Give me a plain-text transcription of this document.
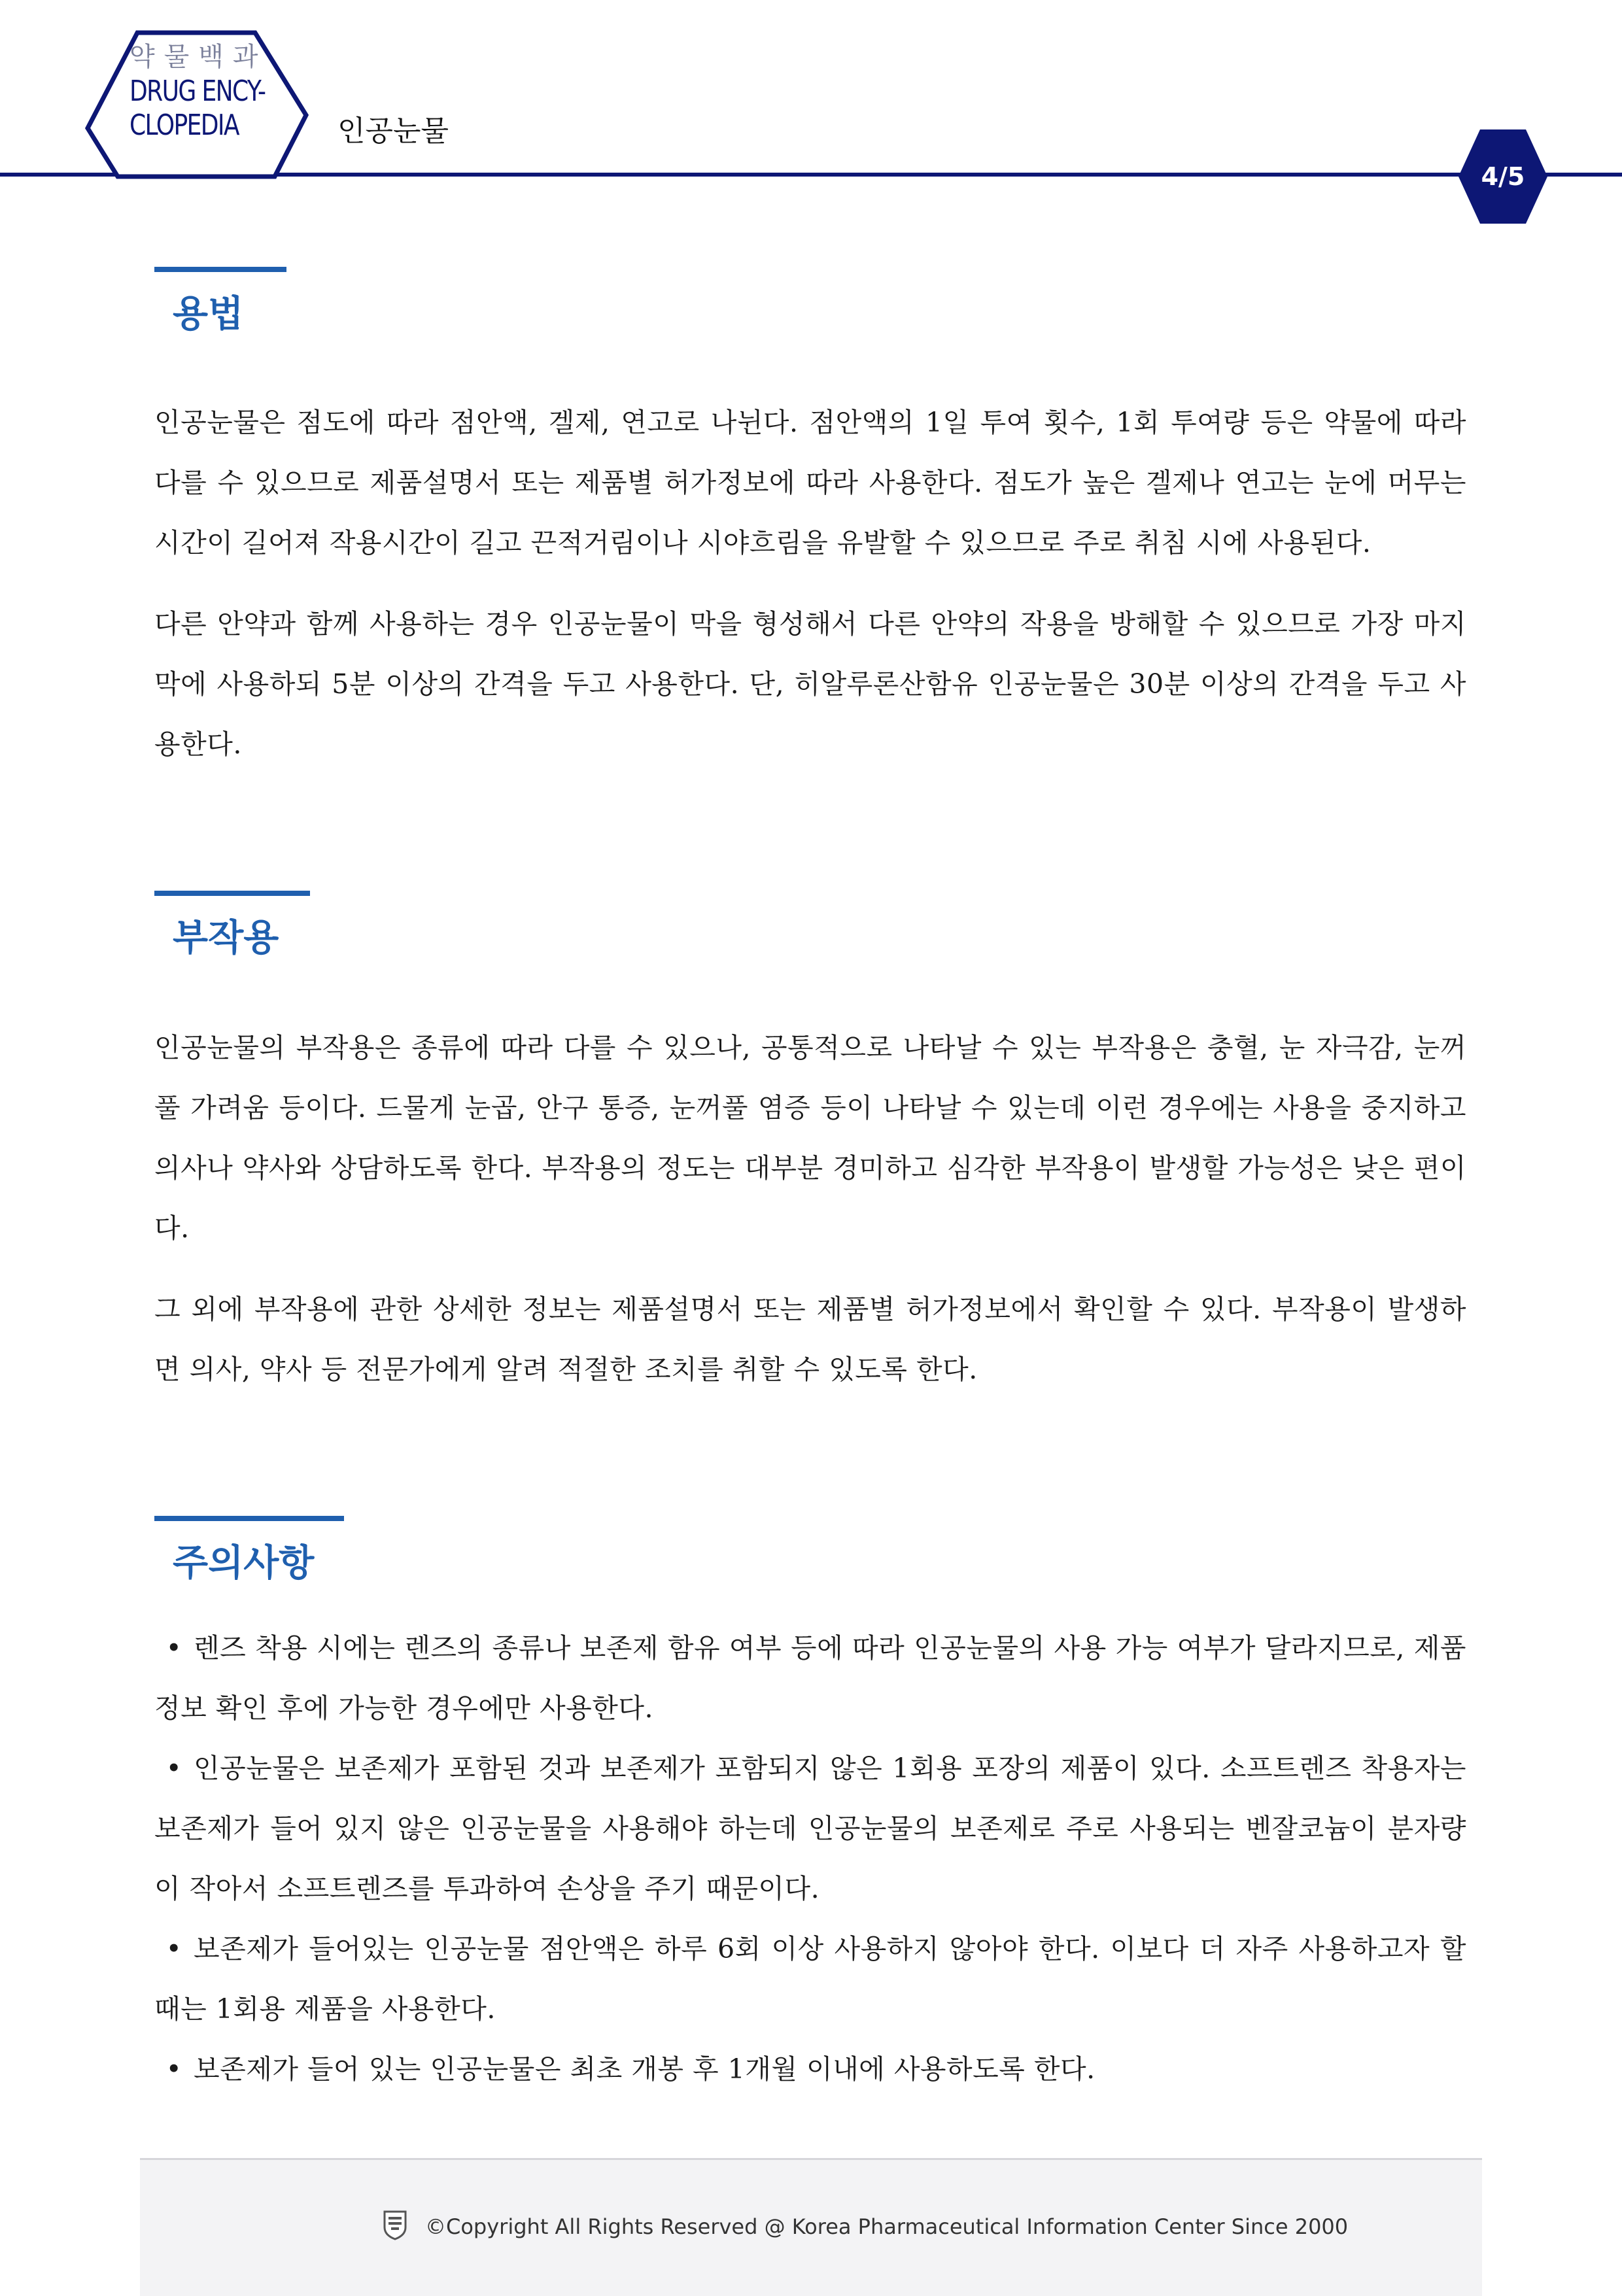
약물백과
DRUG ENCY-
CLOPEDIA	인공눈물
4/5
용법

인공눈물은 점도에 따라 점안액, 겔제, 연고로 나뉜다. 점안액의 1일 투여 횟수, 1회 투여량 등은 약물에 따라 다를 수 있으므로 제품설명서 또는 제품별 허가정보에 따라 사용한다. 점도가 높은 겔제나 연고는 눈에 머무는 시간이 길어져 작용시간이 길고 끈적거림이나 시야흐림을 유발할 수 있으므로 주로 취침 시에 사용된다.

다른 안약과 함께 사용하는 경우 인공눈물이 막을 형성해서 다른 안약의 작용을 방해할 수 있으므로 가장 마지막에 사용하되 5분 이상의 간격을 두고 사용한다. 단, 히알루론산함유 인공눈물은 30분 이상의 간격을 두고 사용한다.

부작용

인공눈물의 부작용은 종류에 따라 다를 수 있으나, 공통적으로 나타날 수 있는 부작용은 충혈, 눈 자극감, 눈꺼풀 가려움 등이다. 드물게 눈곱, 안구 통증, 눈꺼풀 염증 등이 나타날 수 있는데 이런 경우에는 사용을 중지하고 의사나 약사와 상담하도록 한다. 부작용의 정도는 대부분 경미하고 심각한 부작용이 발생할 가능성은 낮은 편이다.

그 외에 부작용에 관한 상세한 정보는 제품설명서 또는 제품별 허가정보에서 확인할 수 있다. 부작용이 발생하면 의사, 약사 등 전문가에게 알려 적절한 조치를 취할 수 있도록 한다.

주의사항
• 렌즈 착용 시에는 렌즈의 종류나 보존제 함유 여부 등에 따라 인공눈물의 사용 가능 여부가 달라지므로, 제품 정보 확인 후에 가능한 경우에만 사용한다.
• 인공눈물은 보존제가 포함된 것과 보존제가 포함되지 않은 1회용 포장의 제품이 있다. 소프트렌즈 착용자는 보존제가 들어 있지 않은 인공눈물을 사용해야 하는데 인공눈물의 보존제로 주로 사용되는 벤잘코늄이 분자량이 작아서 소프트렌즈를 투과하여 손상을 주기 때문이다.
• 보존제가 들어있는 인공눈물 점안액은 하루 6회 이상 사용하지 않아야 한다. 이보다 더 자주 사용하고자 할 때는 1회용 제품을 사용한다.
• 보존제가 들어 있는 인공눈물은 최초 개봉 후 1개월 이내에 사용하도록 한다.
©Copyright All Rights Reserved @ Korea Pharmaceutical Information Center Since 2000
